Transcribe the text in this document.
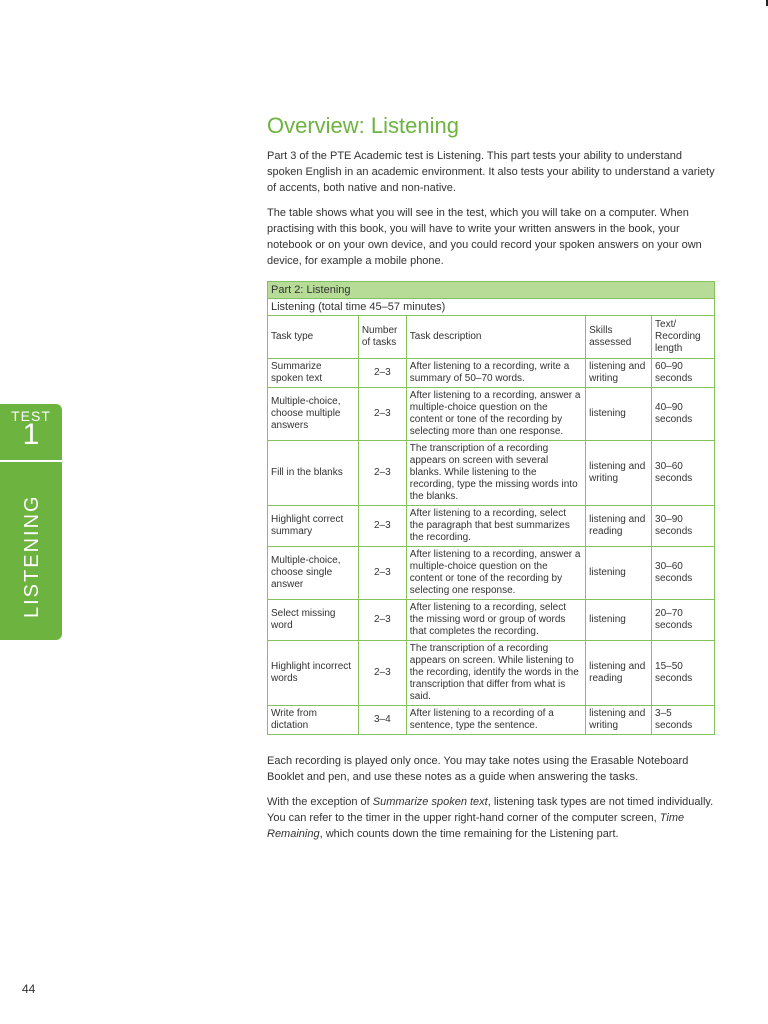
TEST
1
LISTENING
Overview: Listening

Part 3 of the PTE Academic test is Listening. This part tests your ability to understand spoken English in an academic environment. It also tests your ability to understand a variety of accents, both native and non-native.

The table shows what you will see in the test, which you will take on a computer. When practising with this book, you will have to write your written answers in the book, your notebook or on your own device, and you could record your spoken answers on your own device, for example a mobile phone.

Part 2: Listening				
Listening (total time 45–57 minutes)				
Task type	Number of tasks	Task description	Skills assessed	Text/ Recording length
Summarize spoken text	2–3	After listening to a recording, write a summary of 50–70 words.	listening and writing	60–90 seconds
Multiple-choice, choose multiple answers	2–3	After listening to a recording, answer a multiple-choice question on the content or tone of the recording by selecting more than one response.	listening	40–90 seconds
Fill in the blanks	2–3	The transcription of a recording appears on screen with several blanks. While listening to the recording, type the missing words into the blanks.	listening and writing	30–60 seconds
Highlight correct summary	2–3	After listening to a recording, select the paragraph that best summarizes the recording.	listening and reading	30–90 seconds
Multiple-choice, choose single answer	2–3	After listening to a recording, answer a multiple-choice question on the content or tone of the recording by selecting one response.	listening	30–60 seconds
Select missing word	2–3	After listening to a recording, select the missing word or group of words that completes the recording.	listening	20–70 seconds
Highlight incorrect words	2–3	The transcription of a recording appears on screen. While listening to the recording, identify the words in the transcription that differ from what is said.	listening and reading	15–50 seconds
Write from dictation	3–4	After listening to a recording of a sentence, type the sentence.	listening and writing	3–5 seconds

Each recording is played only once. You may take notes using the Erasable Noteboard Booklet and pen, and use these notes as a guide when answering the tasks.

With the exception of Summarize spoken text, listening task types are not timed individually. You can refer to the timer in the upper right-hand corner of the computer screen, Time Remaining, which counts down the time remaining for the Listening part.

44
